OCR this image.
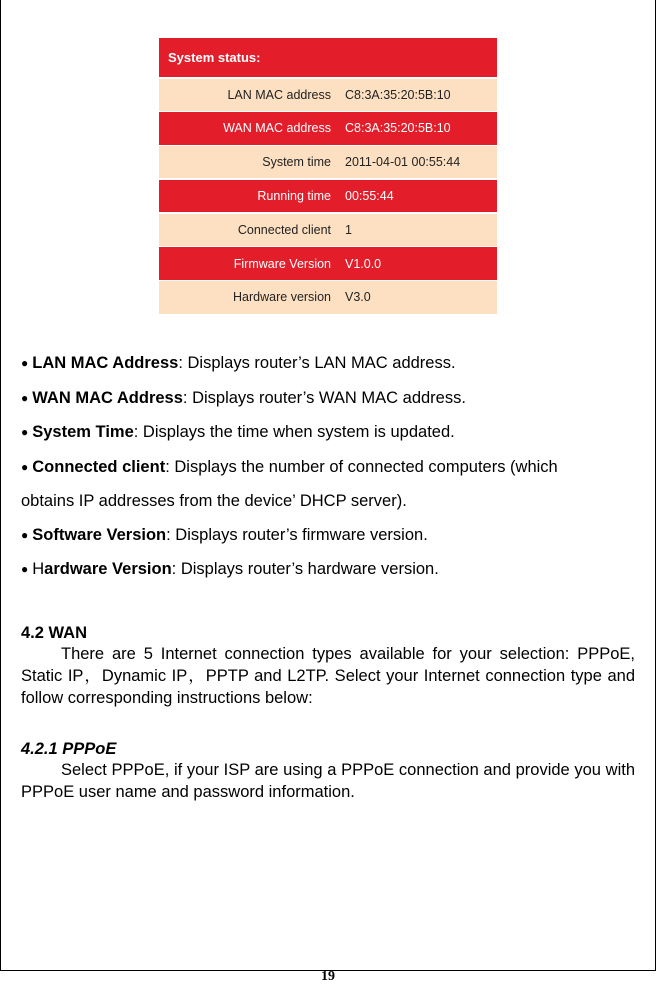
System status:
LAN MAC address	C8:3A:35:20:5B:10
WAN MAC address	C8:3A:35:20:5B:10
System time	2011-04-01 00:55:44
Running time	00:55:44
Connected client	1
Firmware Version	V1.0.0
Hardware version	V3.0
● LAN MAC Address: Displays router’s LAN MAC address.
● WAN MAC Address: Displays router’s WAN MAC address.
● System Time: Displays the time when system is updated.
● Connected client: Displays the number of connected computers (which
obtains IP addresses from the device’ DHCP server).
● Software Version: Displays router’s firmware version.
● Hardware Version: Displays router’s hardware version.
4.2 WAN
There are 5 Internet connection types available for your selection: PPPoE, Static IP，Dynamic IP，PPTP and L2TP. Select your Internet connection type and follow corresponding instructions below:
4.2.1 PPPoE
Select PPPoE, if your ISP are using a PPPoE connection and provide you with PPPoE user name and password information.
19
